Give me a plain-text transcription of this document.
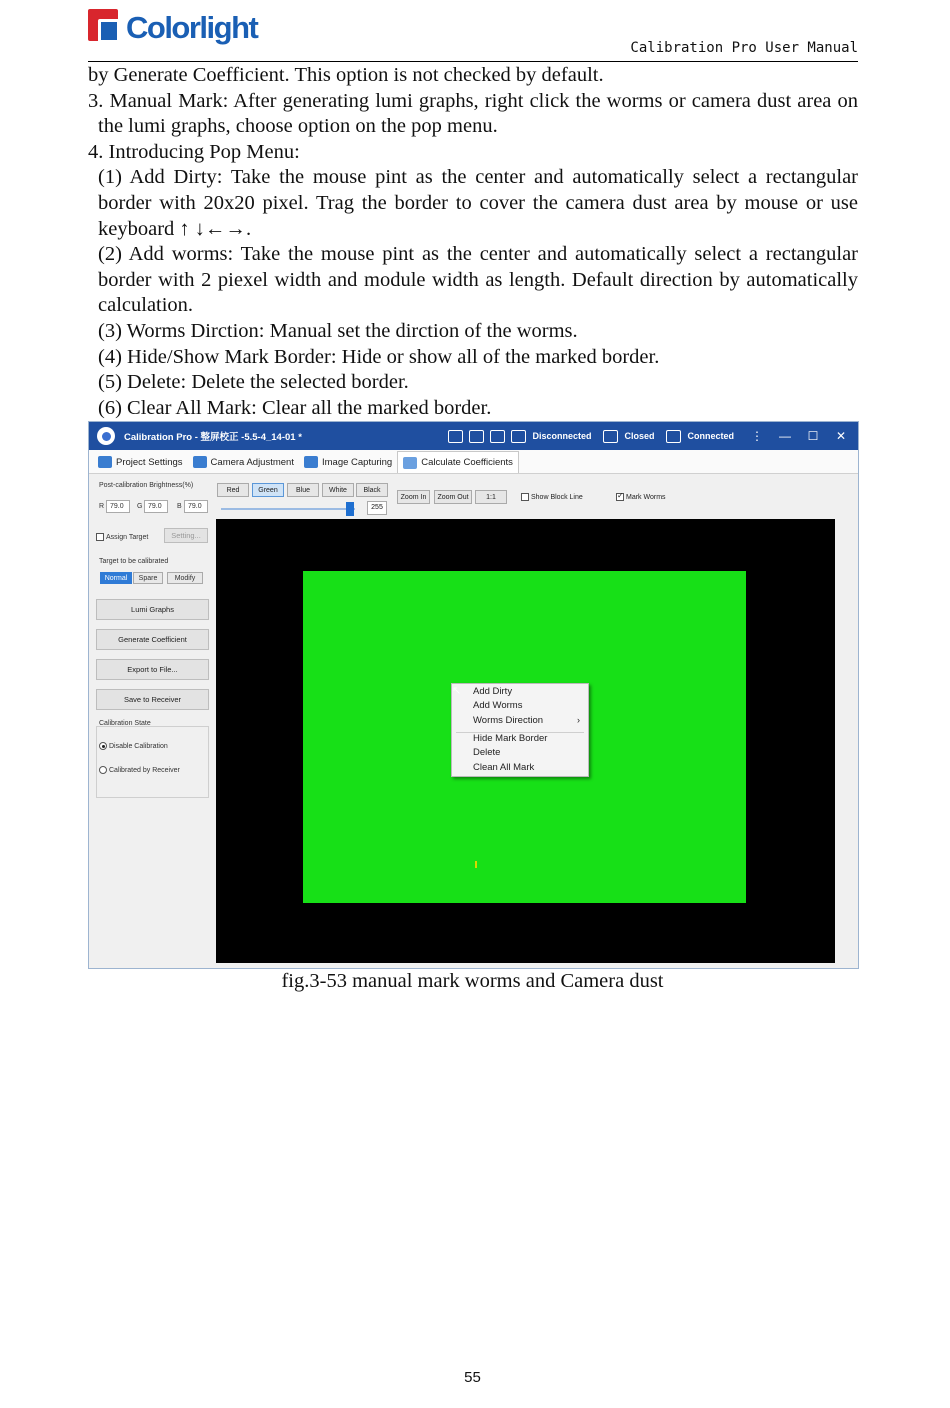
Colorlight
Calibration Pro User Manual

by Generate Coefficient. This option is not checked by default.

3. Manual Mark: After generating lumi graphs, right click the worms or camera dust area on the lumi graphs, choose option on the pop menu.

4. Introducing Pop Menu:

(1) Add Dirty: Take the mouse pint as the center and automatically select a rectangular border with 20x20 pixel. Trag the border to cover the camera dust area by mouse or use keyboard ↑ ↓←→.

(2) Add worms: Take the mouse pint as the center and automatically select a rectangular border with 2 piexel width and module width as length. Default direction by automatically calculation.

(3) Worms Dirction: Manual set the dirction of the worms.

(4) Hide/Show Mark Border: Hide or show all of the marked border.

(5) Delete: Delete the selected border.

(6) Clear All Mark: Clear all the marked border.

Calibration Pro - 整屏校正 -5.5-4_14-01 *	Disconnected	Closed	Connected	⋮	—	☐	✕
Project Settings	Camera Adjustment	Image Capturing	Calculate Coefficients
Post-calibration Brightness(%)
R 79.0	G 79.0	B 79.0
Assign Target	Setting...
Target to be calibrated
Normal	Spare	Modify
Lumi Graphs
Generate Coefficient
Export to File...
Save to Receiver
Calibration State
Disable Calibration
Calibrated by Receiver
Red	Green	Blue	White	Black
Zoom In	Zoom Out	1:1	Show Block Line
✓	Mark Worms
255
Add Dirty
Add Worms
Worms Direction	›
Hide Mark Border
Delete
Clean All Mark
↖
fig.3-53 manual mark worms and Camera dust
55
